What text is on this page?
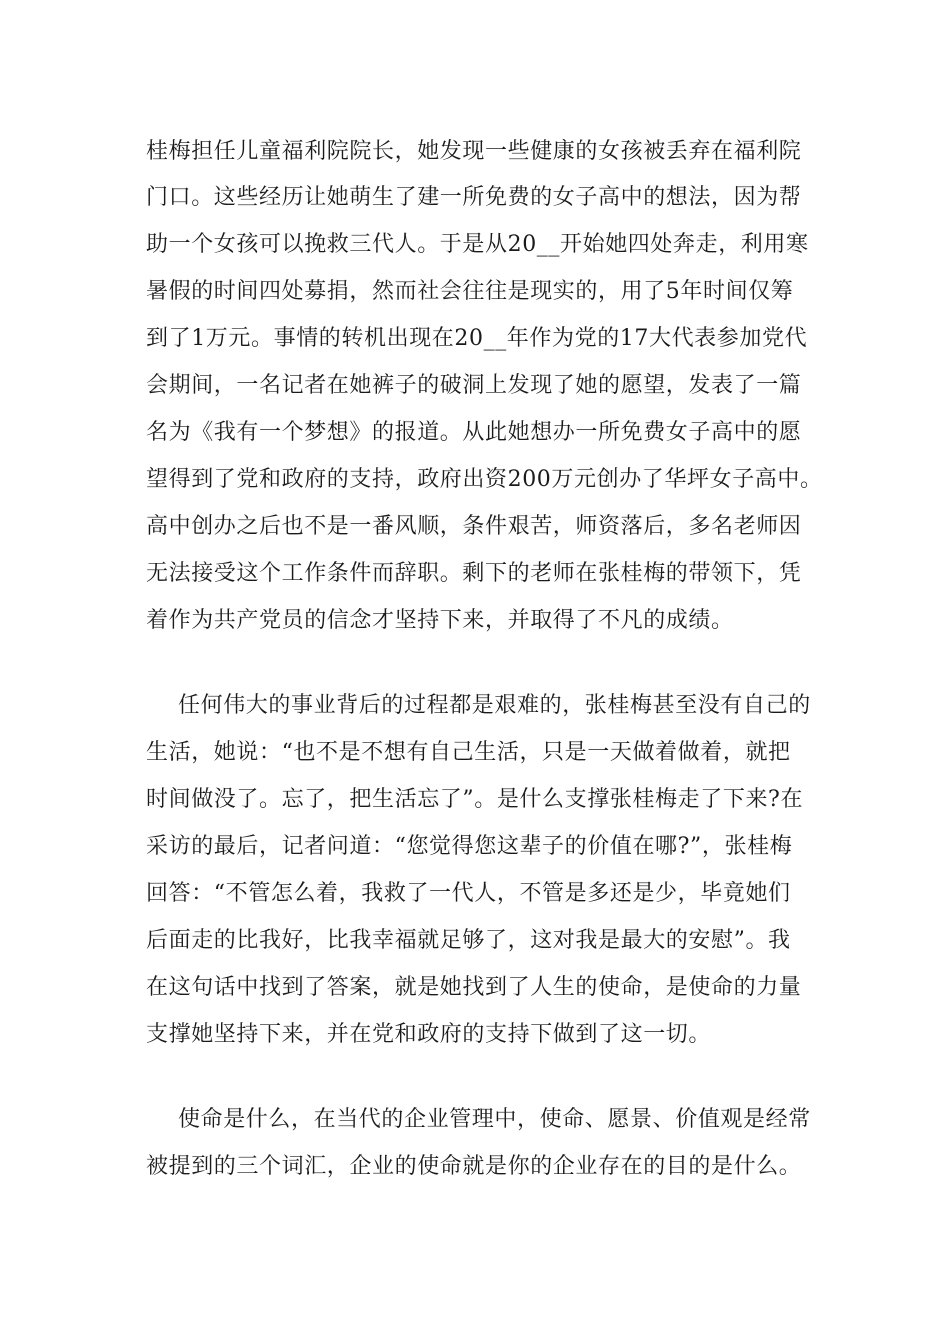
桂梅担任儿童福利院院长，她发现一些健康的女孩被丢弃在福利院
门口。这些经历让她萌生了建一所免费的女子高中的想法，因为帮
助一个女孩可以挽救三代人。于是从20__开始她四处奔走，利用寒
暑假的时间四处募捐，然而社会往往是现实的，用了5年时间仅筹
到了1万元。事情的转机出现在20__年作为党的17大代表参加党代
会期间，一名记者在她裤子的破洞上发现了她的愿望，发表了一篇
名为《我有一个梦想》的报道。从此她想办一所免费女子高中的愿
望得到了党和政府的支持，政府出资200万元创办了华坪女子高中。
高中创办之后也不是一番风顺，条件艰苦，师资落后，多名老师因
无法接受这个工作条件而辞职。剩下的老师在张桂梅的带领下，凭
着作为共产党员的信念才坚持下来，并取得了不凡的成绩。
任何伟大的事业背后的过程都是艰难的，张桂梅甚至没有自己的
生活，她说：“也不是不想有自己生活，只是一天做着做着，就把
时间做没了。忘了，把生活忘了”。是什么支撑张桂梅走了下来?在
采访的最后，记者问道：“您觉得您这辈子的价值在哪?”，张桂梅
回答：“不管怎么着，我救了一代人，不管是多还是少，毕竟她们
后面走的比我好，比我幸福就足够了，这对我是最大的安慰”。我
在这句话中找到了答案，就是她找到了人生的使命，是使命的力量
支撑她坚持下来，并在党和政府的支持下做到了这一切。
使命是什么，在当代的企业管理中，使命、愿景、价值观是经常
被提到的三个词汇，企业的使命就是你的企业存在的目的是什么。
